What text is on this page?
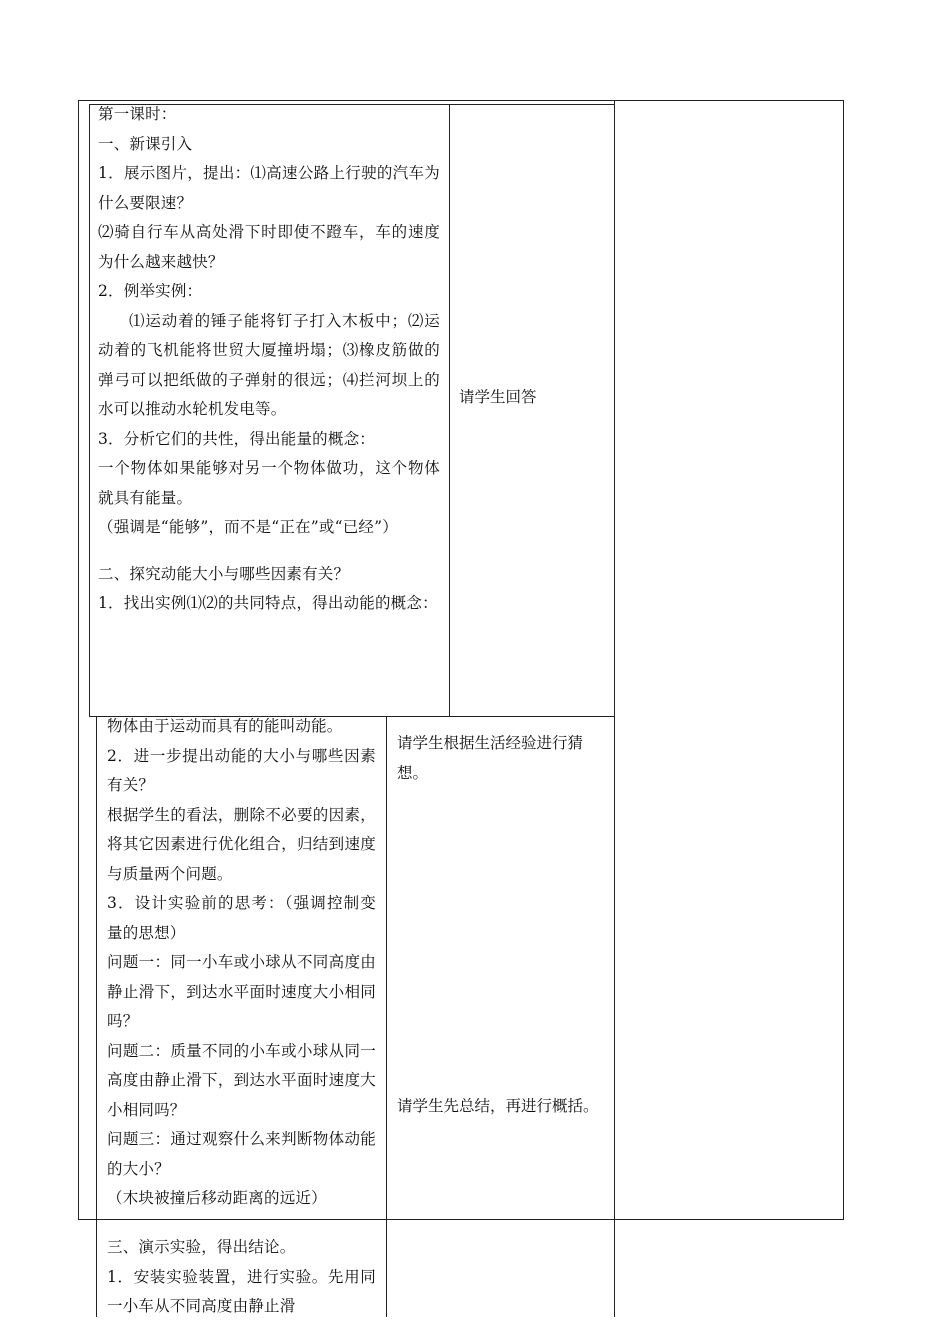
第一课时：

一、新课引入

1．展示图片，提出：⑴高速公路上行驶的汽车为什么要限速？

⑵骑自行车从高处滑下时即使不蹬车，车的速度为什么越来越快？

2．例举实例：

⑴运动着的锤子能将钉子打入木板中；⑵运动着的飞机能将世贸大厦撞坍塌；⑶橡皮筋做的弹弓可以把纸做的子弹射的很远；⑷拦河坝上的水可以推动水轮机发电等。

3．分析它们的共性，得出能量的概念：

一个物体如果能够对另一个物体做功，这个物体就具有能量。

（强调是“能够”，而不是“正在”或“已经”）

二、探究动能大小与哪些因素有关？

1．找出实例⑴⑵的共同特点，得出动能的概念：

请学生回答

物体由于运动而具有的能叫动能。

2．进一步提出动能的大小与哪些因素有关？

根据学生的看法，删除不必要的因素，将其它因素进行优化组合，归结到速度与质量两个问题。

3．设计实验前的思考：（强调控制变量的思想）

问题一：同一小车或小球从不同高度由静止滑下，到达水平面时速度大小相同吗？

问题二：质量不同的小车或小球从同一高度由静止滑下，到达水平面时速度大小相同吗？

问题三：通过观察什么来判断物体动能的大小？

（木块被撞后移动距离的远近）

请学生根据生活经验进行猜想。

请学生先总结，再进行概括。

三、演示实验，得出结论。

1．安装实验装置，进行实验。先用同一小车从不同高度由静止滑
